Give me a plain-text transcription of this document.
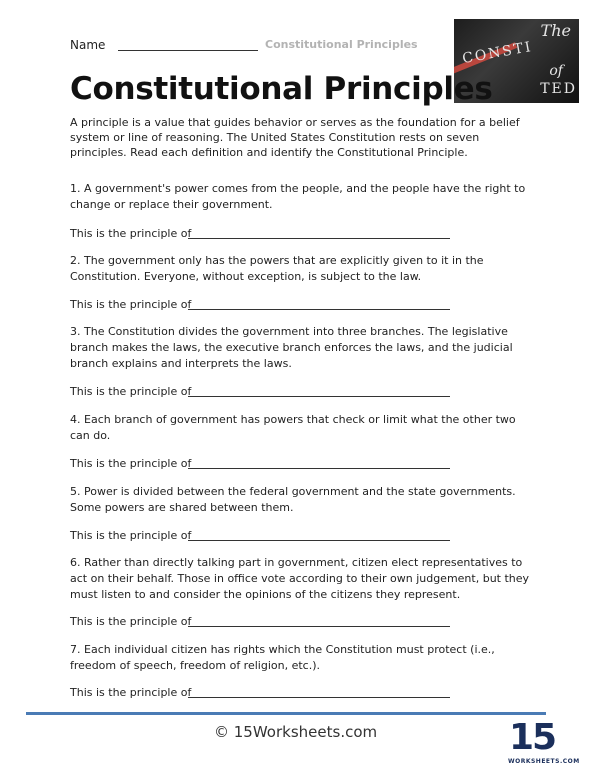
Name	Constitutional Principles
The
CONSTI
of
TED
Constitutional Principles
A principle is a value that guides behavior or serves as the foundation for a belief system or line of reasoning. The United States Constitution rests on seven principles. Read each definition and identify the Constitutional Principle.
1. A government's power comes from the people, and the people have the right to change or replace their government.
This is the principle of
2. The government only has the powers that are explicitly given to it in the Constitution. Everyone, without exception, is subject to the law.
This is the principle of
3. The Constitution divides the government into three branches. The legislative branch makes the laws, the executive branch enforces the laws, and the judicial branch explains and interprets the laws.
This is the principle of
4. Each branch of government has powers that check or limit what the other two can do.
This is the principle of
5. Power is divided between the federal government and the state governments. Some powers are shared between them.
This is the principle of
6. Rather than directly talking part in government, citizen elect representatives to act on their behalf. Those in office vote according to their own judgement, but they must listen to and consider the opinions of the citizens they represent.
This is the principle of
7. Each individual citizen has rights which the Constitution must protect (i.e., freedom of speech, freedom of religion, etc.).
This is the principle of
© 15Worksheets.com	15
WORKSHEETS.COM
